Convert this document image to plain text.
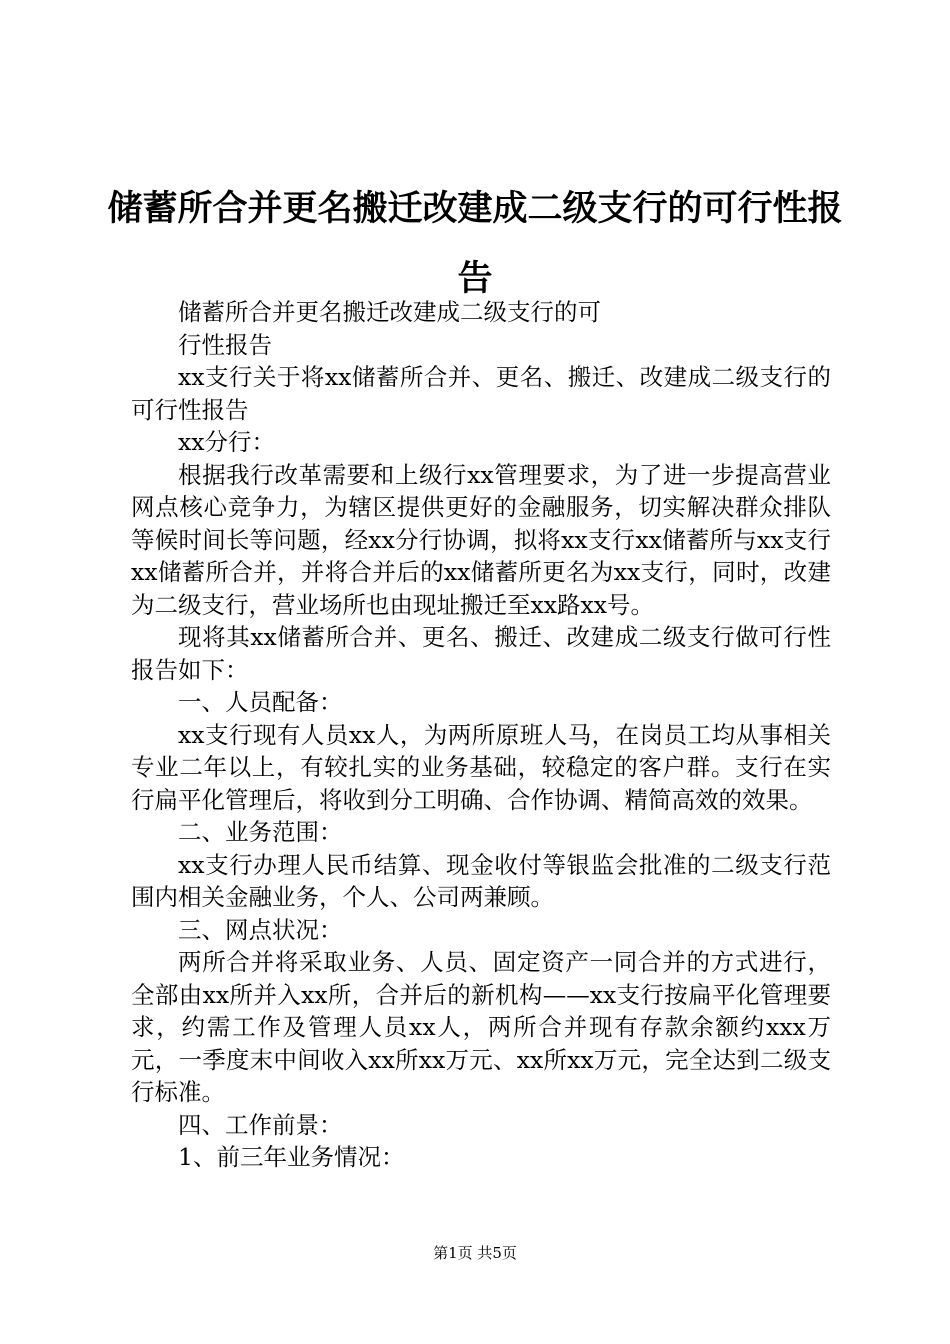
储蓄所合并更名搬迁改建成二级支行的可行性报告

储蓄所合并更名搬迁改建成二级支行的可

行性报告

xx支行关于将xx储蓄所合并、更名、搬迁、改建成二级支行的可行性报告

xx分行：

根据我行改革需要和上级行xx管理要求，为了进一步提高营业网点核心竞争力，为辖区提供更好的金融服务，切实解决群众排队等候时间长等问题，经xx分行协调，拟将xx支行xx储蓄所与xx支行xx储蓄所合并，并将合并后的xx储蓄所更名为xx支行，同时，改建为二级支行，营业场所也由现址搬迁至xx路xx号。

现将其xx储蓄所合并、更名、搬迁、改建成二级支行做可行性报告如下：

一、人员配备：

xx支行现有人员xx人，为两所原班人马，在岗员工均从事相关专业二年以上，有较扎实的业务基础，较稳定的客户群。支行在实行扁平化管理后，将收到分工明确、合作协调、精简高效的效果。

二、业务范围：

xx支行办理人民币结算、现金收付等银监会批准的二级支行范围内相关金融业务，个人、公司两兼顾。

三、网点状况：

两所合并将采取业务、人员、固定资产一同合并的方式进行，全部由xx所并入xx所，合并后的新机构——xx支行按扁平化管理要求，约需工作及管理人员xx人，两所合并现有存款余额约xxx万元，一季度末中间收入xx所xx万元、xx所xx万元，完全达到二级支行标准。

四、工作前景：

1、前三年业务情况：

第1页 共5页
